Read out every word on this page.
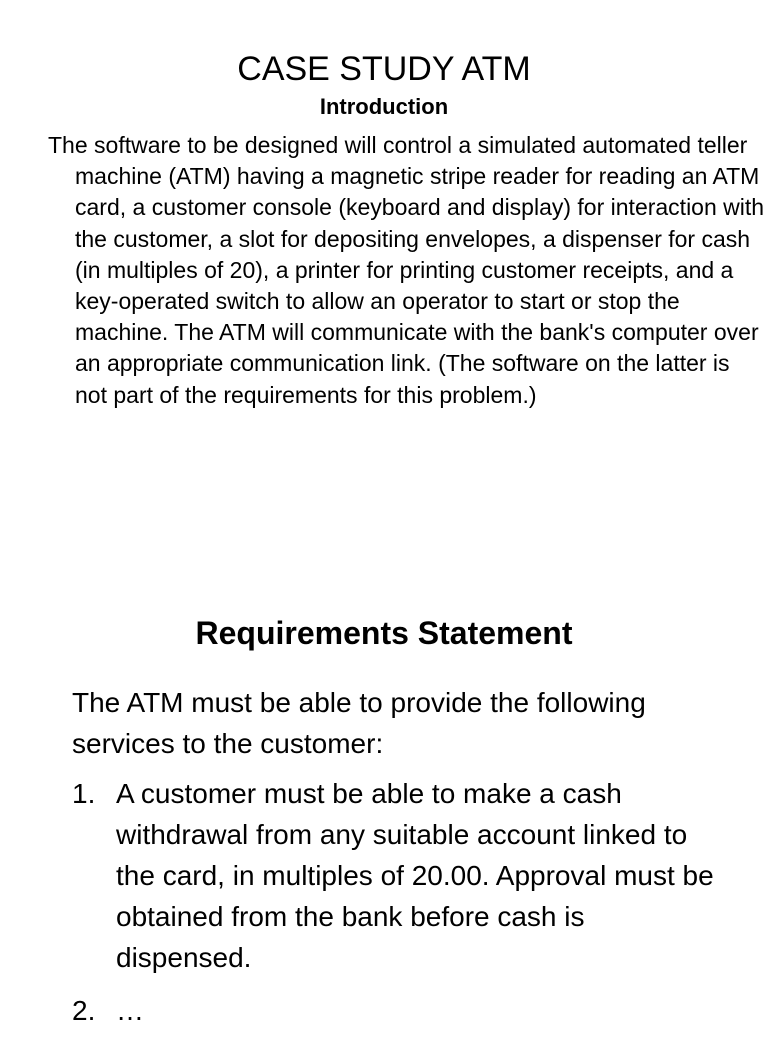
CASE STUDY ATM
Introduction

The software to be designed will control a simulated automated teller machine (ATM) having a magnetic stripe reader for reading an ATM card, a customer console (keyboard and display) for interaction with the customer, a slot for depositing envelopes, a dispenser for cash (in multiples of 20), a printer for printing customer receipts, and a key-operated switch to allow an operator to start or stop the machine. The ATM will communicate with the bank's computer over an appropriate communication link. (The software on the latter is not part of the requirements for this problem.)

Requirements Statement

The ATM must be able to provide the following services to the customer:

1. A customer must be able to make a cash withdrawal from any suitable account linked to the card, in multiples of 20.00. Approval must be obtained from the bank before cash is dispensed.
2. …
